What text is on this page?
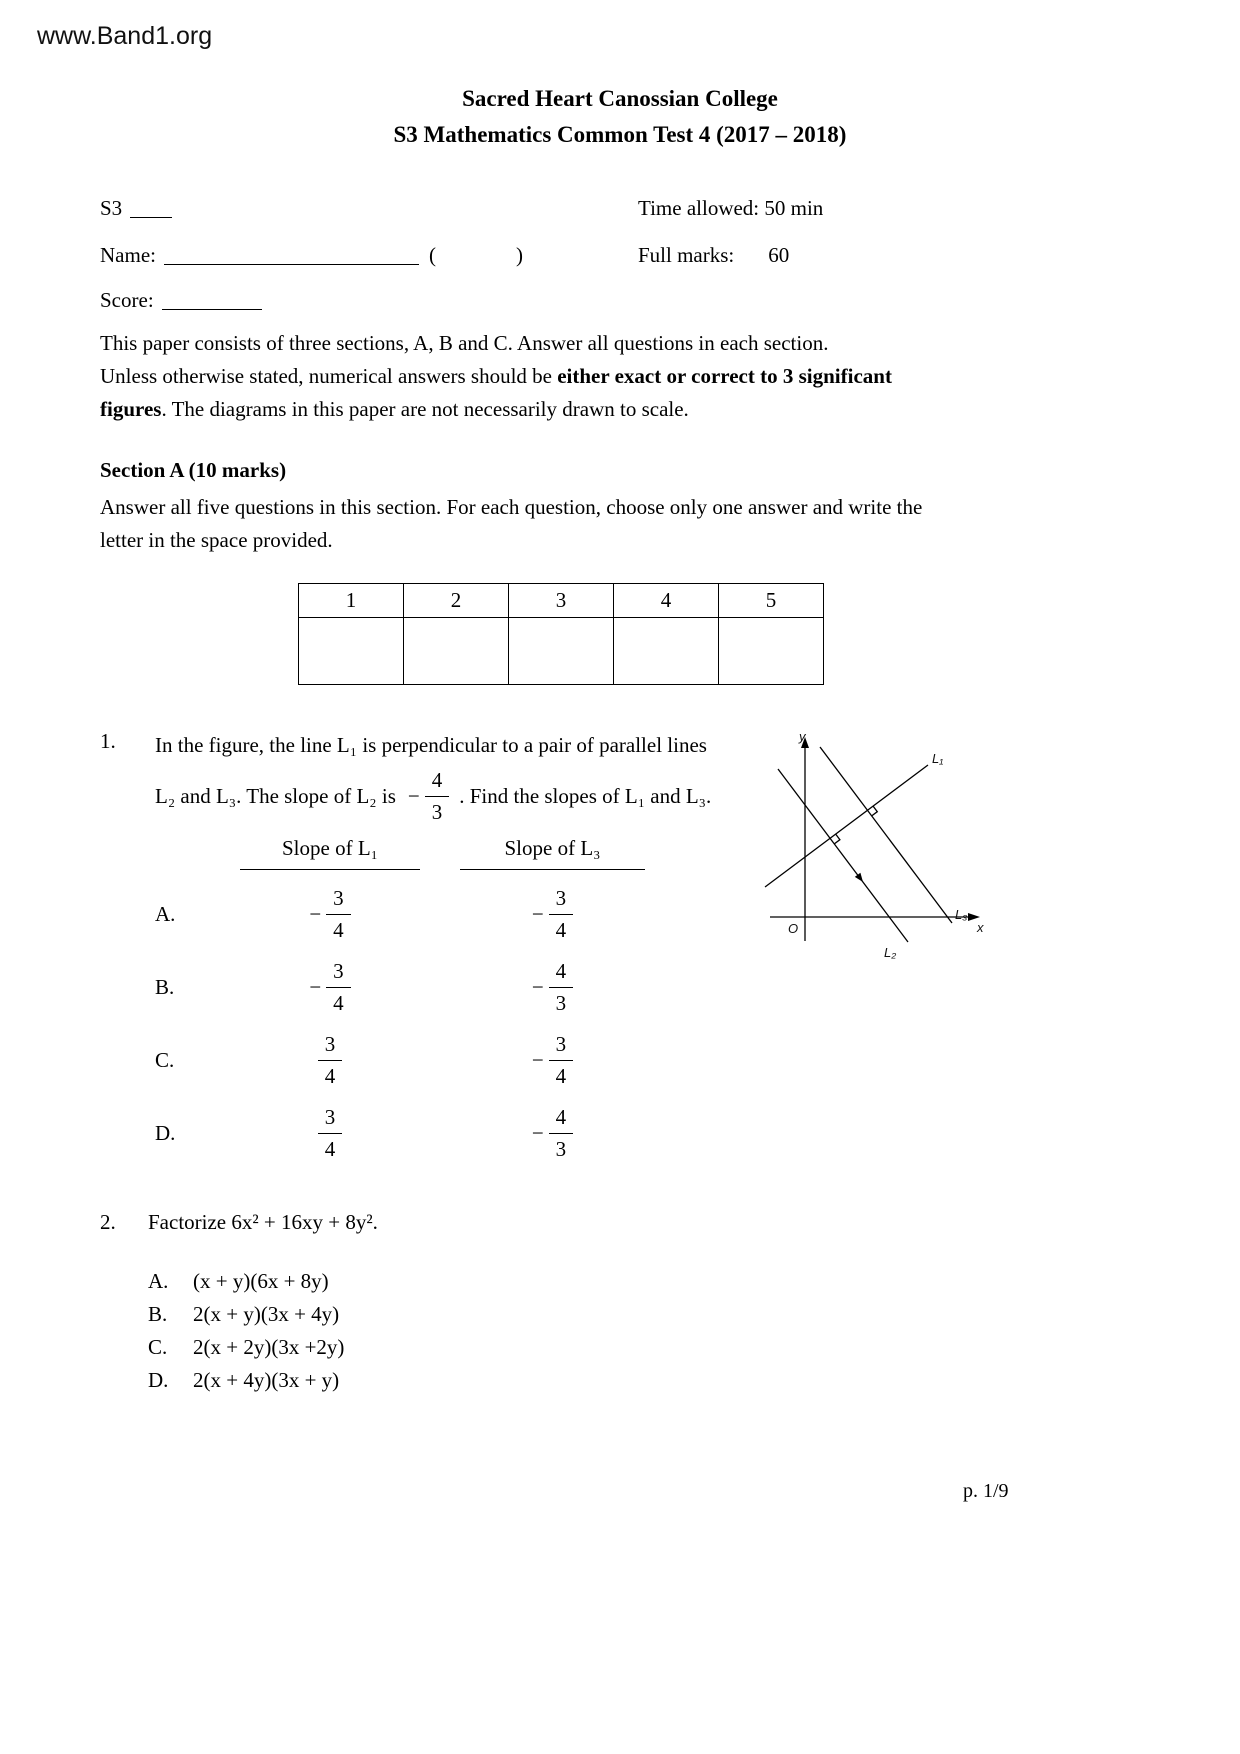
www.Band1.org
Sacred Heart Canossian College
S3 Mathematics Common Test 4 (2017 – 2018)
S3	Time allowed: 50 min
Name:	(	)	Full marks: 60
Score:
This paper consists of three sections, A, B and C. Answer all questions in each section.
Unless otherwise stated, numerical answers should be either exact or correct to 3 significant
figures. The diagrams in this paper are not necessarily drawn to scale.
Section A (10 marks)
Answer all five questions in this section. For each question, choose only one answer and write the
letter in the space provided.
1	2	3	4	5

1.	In the figure, the line L₁ is perpendicular to a pair of parallel lines
L₂ and L₃. The slope of L₂ is − $\frac{4}{3}$ . Find the slopes of L₁ and L₃.
Slope of L₁	Slope of L₃
A.	− $\frac{3}{4}$	− $\frac{3}{4}$
B.	− $\frac{3}{4}$	− $\frac{4}{3}$
C.	$\frac{3}{4}$	− $\frac{3}{4}$
D.	$\frac{3}{4}$	− $\frac{4}{3}$
y
x
O
L₁
L₂
L₃
2.	Factorize 6x² + 16xy + 8y².
A.	(x + y)(6x + 8y)
B.	2(x + y)(3x + 4y)
C.	2(x + 2y)(3x +2y)
D.	2(x + 4y)(3x + y)
p. 1/9
